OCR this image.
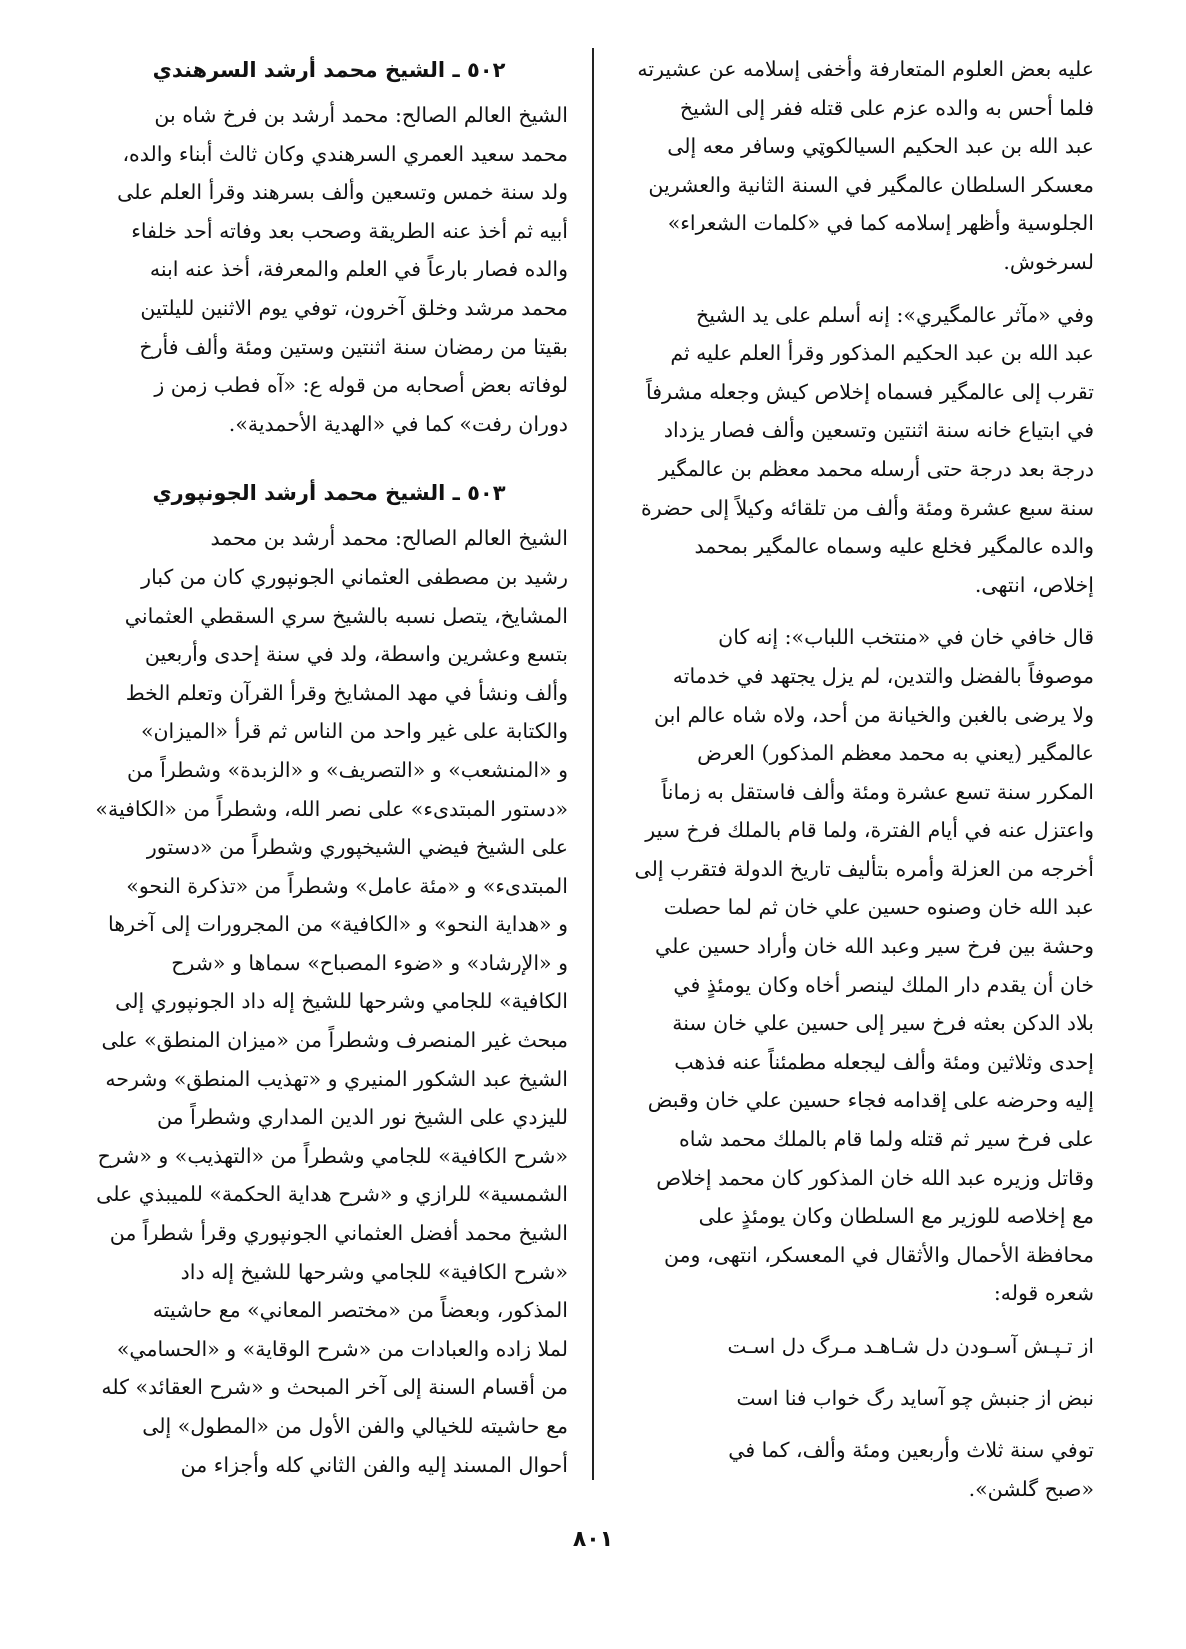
عليه بعض العلوم المتعارفة وأخفى إسلامه عن عشيرته
فلما أحس به والده عزم على قتله ففر إلى الشيخ
عبد الله بن عبد الحكيم السيالكوټي وسافر معه إلى
معسكر السلطان عالمگير في السنة الثانية والعشرين
الجلوسية وأظهر إسلامه كما في «كلمات الشعراء»
لسرخوش.

وفي «مآثر عالمگيري»: إنه أسلم على يد الشيخ
عبد الله بن عبد الحكيم المذكور وقرأ العلم عليه ثم
تقرب إلى عالمگير فسماه إخلاص كيش وجعله مشرفاً
في ابتياع خانه سنة اثنتين وتسعين وألف فصار يزداد
درجة بعد درجة حتى أرسله محمد معظم بن عالمگير
سنة سبع عشرة ومئة وألف من تلقائه وكيلاً إلى حضرة
والده عالمگير فخلع عليه وسماه عالمگير بمحمد
إخلاص، انتهى.

قال خافي خان في «منتخب اللباب»: إنه كان
موصوفاً بالفضل والتدين، لم يزل يجتهد في خدماته
ولا يرضى بالغبن والخيانة من أحد، ولاه شاه عالم ابن
عالمگير (يعني به محمد معظم المذكور) العرض
المكرر سنة تسع عشرة ومئة وألف فاستقل به زماناً
واعتزل عنه في أيام الفترة، ولما قام بالملك فرخ سير
أخرجه من العزلة وأمره بتأليف تاريخ الدولة فتقرب إلى
عبد الله خان وصنوه حسين علي خان ثم لما حصلت
وحشة بين فرخ سير وعبد الله خان وأراد حسين علي
خان أن يقدم دار الملك لينصر أخاه وكان يومئذٍ في
بلاد الدكن بعثه فرخ سير إلى حسين علي خان سنة
إحدى وثلاثين ومئة وألف ليجعله مطمئناً عنه فذهب
إليه وحرضه على إقدامه فجاء حسين علي خان وقبض
على فرخ سير ثم قتله ولما قام بالملك محمد شاه
وقاتل وزيره عبد الله خان المذكور كان محمد إخلاص
مع إخلاصه للوزير مع السلطان وكان يومئذٍ على
محافظة الأحمال والأثقال في المعسكر، انتهى، ومن
شعره قوله:

از تـپـش آسـودن دل شـاهـد مـرگ دل اسـت

نبض از جنبش چو آساید رگ خواب فنا است

توفي سنة ثلاث وأربعين ومئة وألف، كما في
«صبح گلشن».

٥٠٢ ـ الشيخ محمد أرشد السرهندي

الشيخ العالم الصالح: محمد أرشد بن فرخ شاه بن
محمد سعيد العمري السرهندي وكان ثالث أبناء والده،
ولد سنة خمس وتسعين وألف بسرهند وقرأ العلم على
أبيه ثم أخذ عنه الطريقة وصحب بعد وفاته أحد خلفاء
والده فصار بارعاً في العلم والمعرفة، أخذ عنه ابنه
محمد مرشد وخلق آخرون، توفي يوم الاثنين لليلتين
بقيتا من رمضان سنة اثنتين وستين ومئة وألف فأرخ
لوفاته بعض أصحابه من قوله ع: «آه فطب زمن ز
دوران رفت» كما في «الهدية الأحمدية».

٥٠٣ ـ الشيخ محمد أرشد الجونپوري

الشيخ العالم الصالح: محمد أرشد بن محمد
رشيد بن مصطفى العثماني الجونپوري كان من كبار
المشايخ، يتصل نسبه بالشيخ سري السقطي العثماني
بتسع وعشرين واسطة، ولد في سنة إحدى وأربعين
وألف ونشأ في مهد المشايخ وقرأ القرآن وتعلم الخط
والكتابة على غير واحد من الناس ثم قرأ «الميزان»
و «المنشعب» و «التصريف» و «الزبدة» وشطراً من
«دستور المبتدىء» على نصر الله، وشطراً من «الكافية»
على الشيخ فيضي الشيخپوري وشطراً من «دستور
المبتدىء» و «مئة عامل» وشطراً من «تذكرة النحو»
و «هداية النحو» و «الكافية» من المجرورات إلى آخرها
و «الإرشاد» و «ضوء المصباح» سماها و «شرح
الكافية» للجامي وشرحها للشيخ إله داد الجونپوري إلى
مبحث غير المنصرف وشطراً من «ميزان المنطق» على
الشيخ عبد الشكور المنيري و «تهذيب المنطق» وشرحه
لليزدي على الشيخ نور الدين المداري وشطراً من
«شرح الكافية» للجامي وشطراً من «التهذيب» و «شرح
الشمسية» للرازي و «شرح هداية الحكمة» للميبذي على
الشيخ محمد أفضل العثماني الجونپوري وقرأ شطراً من
«شرح الكافية» للجامي وشرحها للشيخ إله داد
المذكور، وبعضاً من «مختصر المعاني» مع حاشيته
لملا زاده والعبادات من «شرح الوقاية» و «الحسامي»
من أقسام السنة إلى آخر المبحث و «شرح العقائد» كله
مع حاشيته للخيالي والفن الأول من «المطول» إلى
أحوال المسند إليه والفن الثاني كله وأجزاء من

٨٠١
